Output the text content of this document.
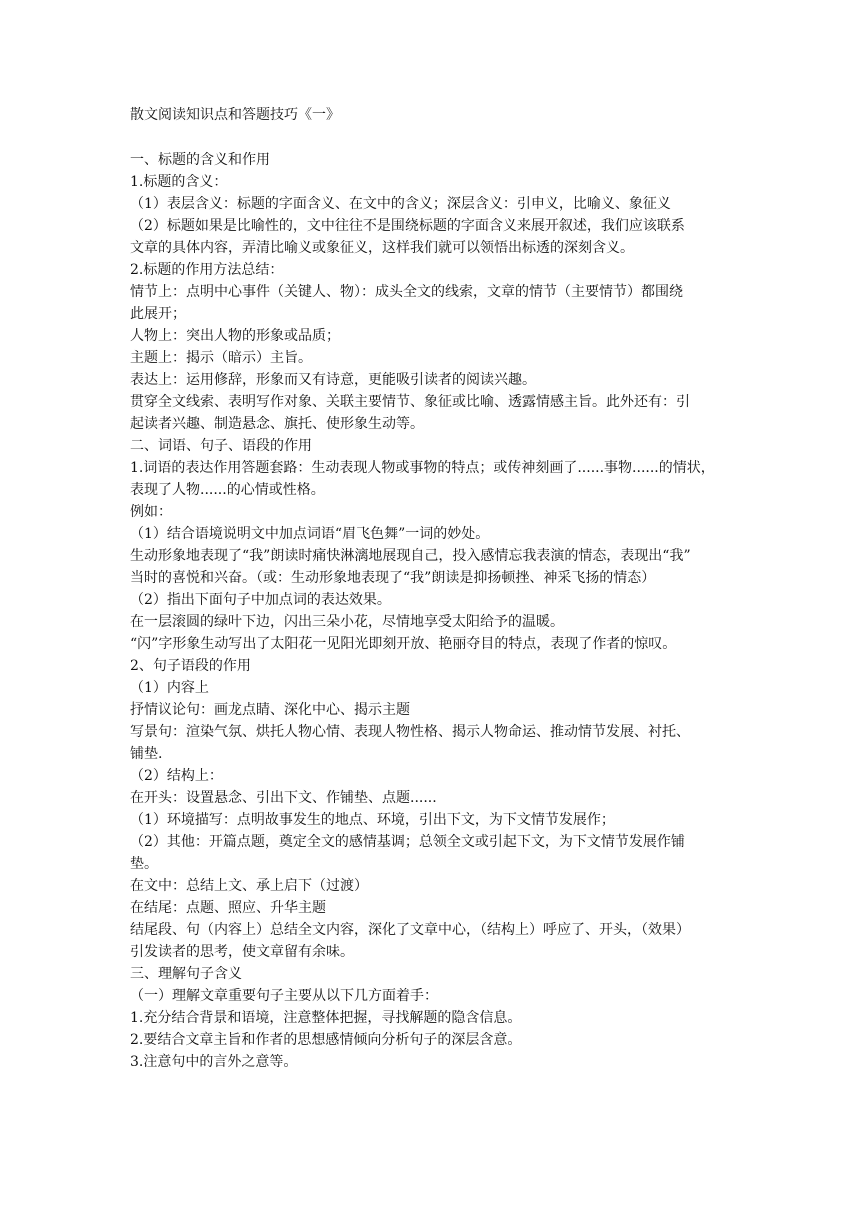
散文阅读知识点和答题技巧《一》

一、标题的含义和作用

1.标题的含义：

（1）表层含义：标题的字面含义、在文中的含义；深层含义：引申义，比喻义、象征义

（2）标题如果是比喻性的，文中往往不是围绕标题的字面含义来展开叙述，我们应该联系

文章的具体内容，弄清比喻义或象征义，这样我们就可以领悟出标透的深刻含义。

2.标题的作用方法总结：

情节上：点明中心事件（关键人、物）：成头全文的线索，文章的情节（主要情节）都围绕

此展开；

人物上：突出人物的形象或品质；

主题上：揭示（暗示）主旨。

表达上：运用修辞，形象而又有诗意，更能吸引读者的阅读兴趣。

贯穿全文线索、表明写作对象、关联主要情节、象征或比喻、透露情感主旨。此外还有：引

起读者兴趣、制造悬念、旗托、使形象生动等。

二、词语、句子、语段的作用

1.词语的表达作用答题套路：生动表现人物或事物的特点；或传神刻画了......事物......的情状，

表现了人物......的心情或性格。

例如：

（1）结合语境说明文中加点词语“眉飞色舞”一词的妙处。

生动形象地表现了“我”朗读时痛快淋漓地展现自己，投入感情忘我表演的情态，表现出“我”

当时的喜悦和兴奋。（或：生动形象地表现了“我”朗读是抑扬顿挫、神采飞扬的情态）

（2）指出下面句子中加点词的表达效果。

在一层滚圆的绿叶下边，闪出三朵小花，尽情地享受太阳给予的温暖。

“闪”字形象生动写出了太阳花一见阳光即刻开放、艳丽夺目的特点，表现了作者的惊叹。

2、句子语段的作用

（1）内容上

抒情议论句：画龙点睛、深化中心、揭示主题

写景句：渲染气氛、烘托人物心情、表现人物性格、揭示人物命运、推动情节发展、衬托、

铺垫.

（2）结构上：

在开头：设置悬念、引出下文、作铺垫、点题......

（1）环境描写：点明故事发生的地点、环境，引出下文，为下文情节发展作；

（2）其他：开篇点题，奠定全文的感情基调；总领全文或引起下文，为下文情节发展作铺

垫。

在文中：总结上文、承上启下（过渡）

在结尾：点题、照应、升华主题

结尾段、句（内容上）总结全文内容，深化了文章中心，（结构上）呼应了、开头，（效果）

引发读者的思考，使文章留有余味。

三、理解句子含义

（一）理解文章重要句子主要从以下几方面着手：

1.充分结合背景和语境，注意整体把握，寻找解题的隐含信息。

2.要结合文章主旨和作者的思想感情倾向分析句子的深层含意。

3.注意句中的言外之意等。
